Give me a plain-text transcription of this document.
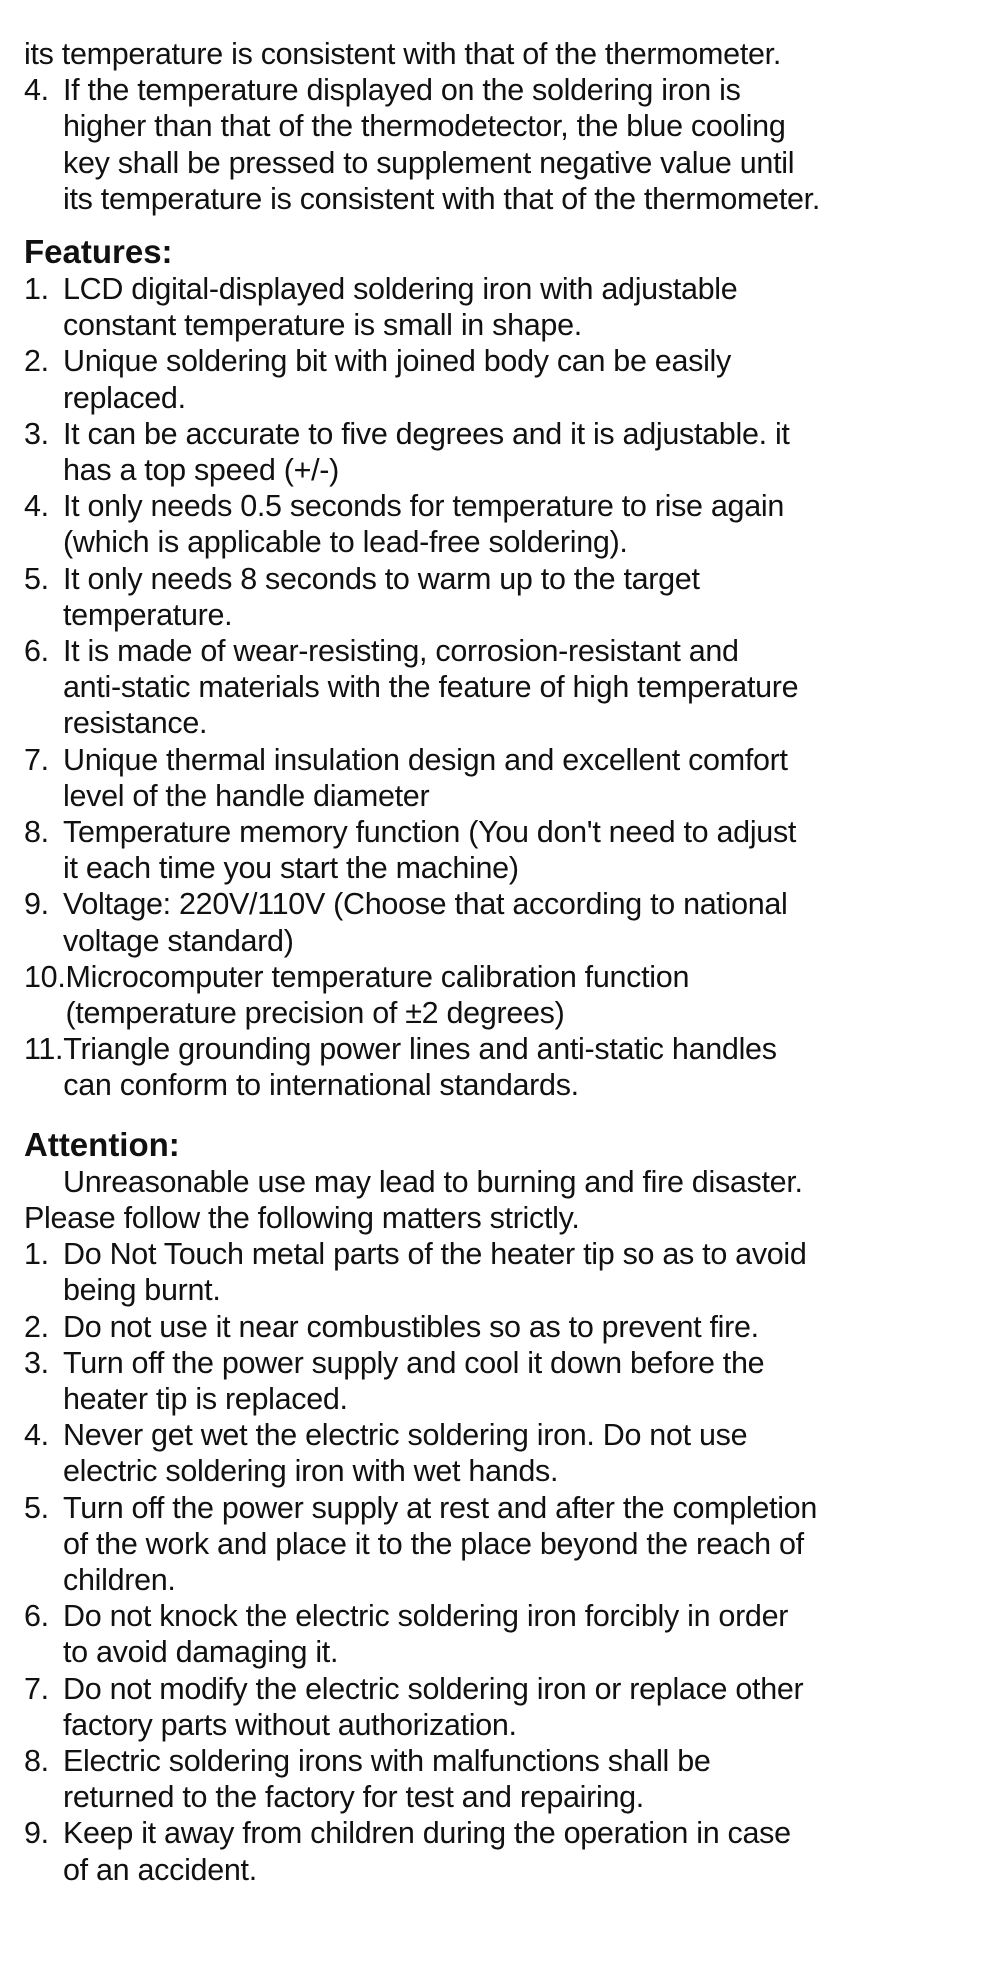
its temperature is consistent with that of the thermometer.
4. If the temperature displayed on the soldering iron is
higher than that of the thermodetector, the blue cooling
key shall be pressed to supplement negative value until
its temperature is consistent with that of the thermometer.
Features:
1. LCD digital-displayed soldering iron with adjustable
constant temperature is small in shape.
2. Unique soldering bit with joined body can be easily
replaced.
3. It can be accurate to five degrees and it is adjustable. it
has a top speed (+/-)
4. It only needs 0.5 seconds for temperature to rise again
(which is applicable to lead-free soldering).
5. It only needs 8 seconds to warm up to the target
temperature.
6. It is made of wear-resisting, corrosion-resistant and
anti-static materials with the feature of high temperature
resistance.
7. Unique thermal insulation design and excellent comfort
level of the handle diameter
8. Temperature memory function (You don't need to adjust
it each time you start the machine)
9. Voltage: 220V/110V (Choose that according to national
voltage standard)
10. Microcomputer temperature calibration function
(temperature precision of ±2 degrees)
11. Triangle grounding power lines and anti-static handles
can conform to international standards.
Attention:
Unreasonable use may lead to burning and fire disaster.
Please follow the following matters strictly.
1. Do Not Touch metal parts of the heater tip so as to avoid
being burnt.
2. Do not use it near combustibles so as to prevent fire.
3. Turn off the power supply and cool it down before the
heater tip is replaced.
4. Never get wet the electric soldering iron. Do not use
electric soldering iron with wet hands.
5. Turn off the power supply at rest and after the completion
of the work and place it to the place beyond the reach of
children.
6. Do not knock the electric soldering iron forcibly in order
to avoid damaging it.
7. Do not modify the electric soldering iron or replace other
factory parts without authorization.
8. Electric soldering irons with malfunctions shall be
returned to the factory for test and repairing.
9. Keep it away from children during the operation in case
of an accident.
